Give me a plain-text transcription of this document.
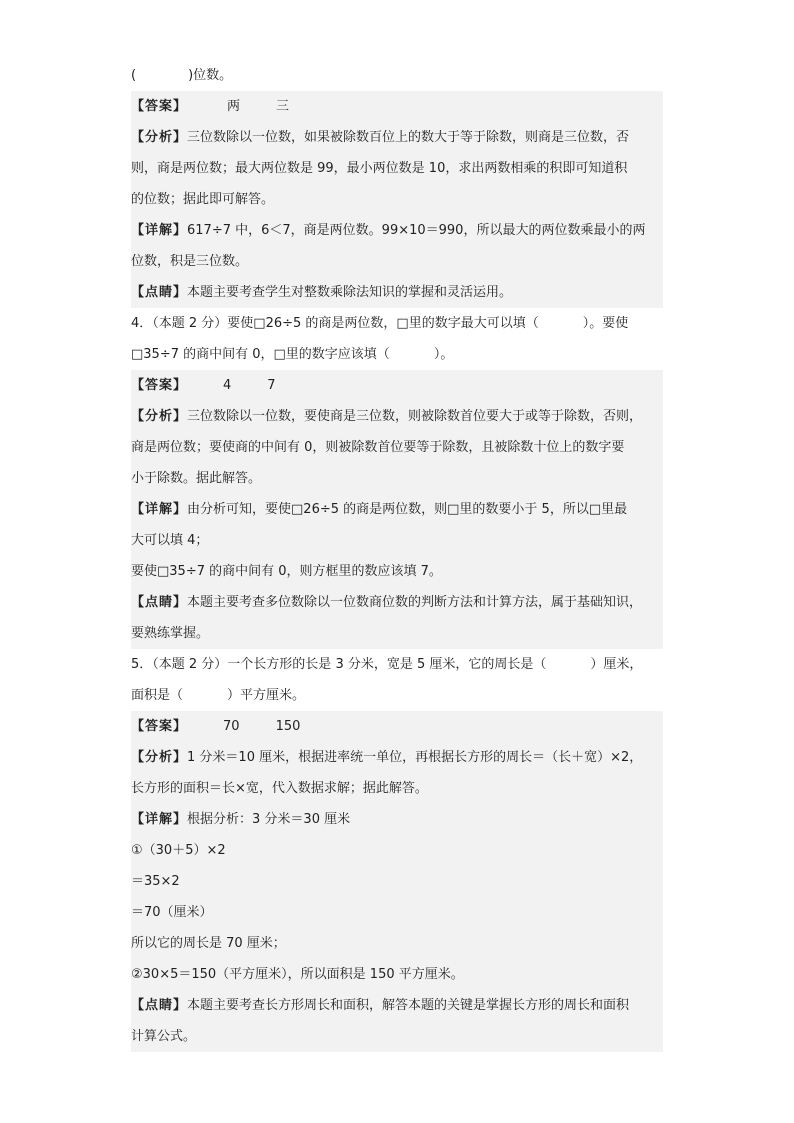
(	)位数。
【答案】	两	三
【分析】三位数除以一位数，如果被除数百位上的数大于等于除数，则商是三位数，否
则，商是两位数；最大两位数是 99，最小两位数是 10，求出两数相乘的积即可知道积
的位数；据此即可解答。
【详解】617÷7 中，6＜7，商是两位数。99×10＝990，所以最大的两位数乘最小的两
位数，积是三位数。
【点睛】本题主要考查学生对整数乘除法知识的掌握和灵活运用。
4．（本题 2 分）要使□26÷5 的商是两位数，□里的数字最大可以填（	）。要使
□35÷7 的商中间有 0，□里的数字应该填（	）。
【答案】	4	7
【分析】三位数除以一位数，要使商是三位数，则被除数首位要大于或等于除数，否则，
商是两位数；要使商的中间有 0，则被除数首位要等于除数，且被除数十位上的数字要
小于除数。据此解答。
【详解】由分析可知，要使□26÷5 的商是两位数，则□里的数要小于 5，所以□里最
大可以填 4；
要使□35÷7 的商中间有 0，则方框里的数应该填 7。
【点睛】本题主要考查多位数除以一位数商位数的判断方法和计算方法，属于基础知识，
要熟练掌握。
5．（本题 2 分）一个长方形的长是 3 分米，宽是 5 厘米，它的周长是（	）厘米，
面积是（	）平方厘米。
【答案】	70	150
【分析】1 分米＝10 厘米，根据进率统一单位，再根据长方形的周长＝（长＋宽）×2，
长方形的面积＝长×宽，代入数据求解；据此解答。
【详解】根据分析：3 分米＝30 厘米
①（30＋5）×2
＝35×2
＝70（厘米）
所以它的周长是 70 厘米；
②30×5＝150（平方厘米），所以面积是 150 平方厘米。
【点睛】本题主要考查长方形周长和面积，解答本题的关键是掌握长方形的周长和面积
计算公式。
